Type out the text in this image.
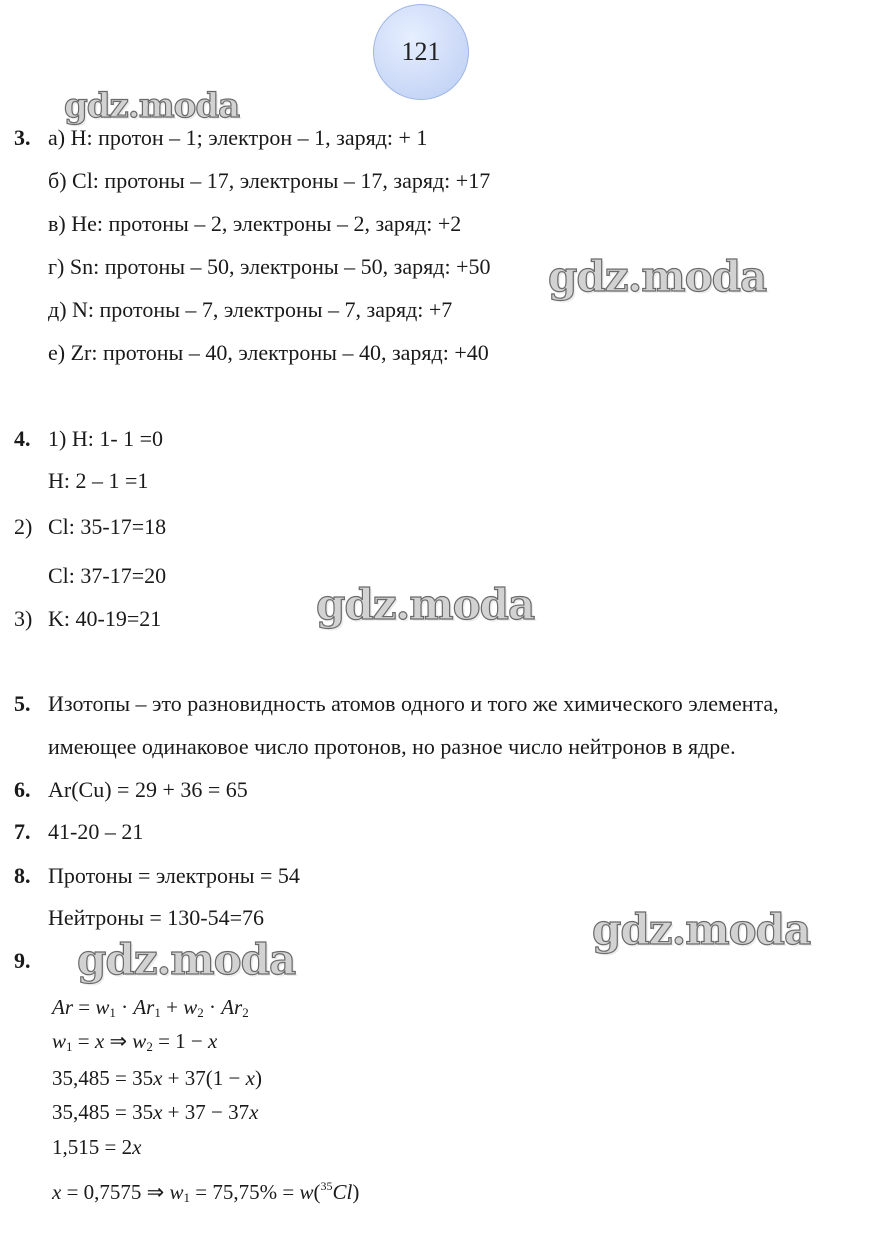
121
gdz.moda
gdz.moda
gdz.moda
gdz.moda
gdz.moda
3. а) H: протон – 1; электрон – 1, заряд: + 1
б) Cl: протоны – 17, электроны – 17, заряд: +17
в) He: протоны – 2, электроны – 2, заряд: +2
г) Sn: протоны – 50, электроны – 50, заряд: +50
д) N: протоны – 7, электроны – 7, заряд: +7
е) Zr: протоны – 40, электроны – 40, заряд: +40
4. 1) H: 1- 1 =0
H: 2 – 1 =1
2) Cl: 35-17=18
Cl: 37-17=20
3) K: 40-19=21
5. Изотопы – это разновидность атомов одного и того же химического элемента,
имеющее одинаковое число протонов, но разное число нейтронов в ядре.
6. Ar(Cu) = 29 + 36 = 65
7. 41-20 – 21
8. Протоны = электроны = 54
Нейтроны = 130-54=76
9.
$Ar = w_1 \cdot Ar_1 + w_2 \cdot Ar_2$
$w_1 = x$ ⇒ $w_2 = 1 - x$
35,485 = 35x + 37(1 − x)
35,485 = 35x + 37 − 37x
1,515 = 2x
x = 0,7575 ⇒ $w_1 = 75,75\% = w(^{35}Cl)$
